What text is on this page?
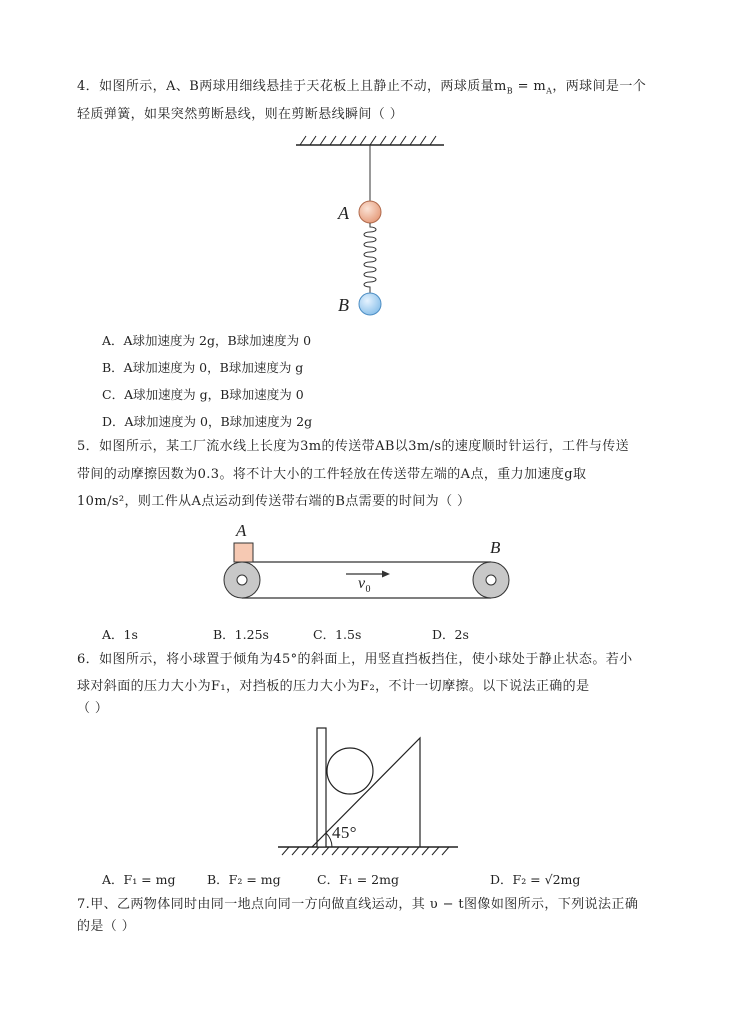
4．如图所示，A、B两球用细线悬挂于天花板上且静止不动，两球质量$m_B = m_A$，两球间是一个
轻质弹簧，如果突然剪断悬线，则在剪断悬线瞬间（ ）
A
B
A．A球加速度为 2g，B球加速度为 0
B．A球加速度为 0，B球加速度为 g
C．A球加速度为 g，B球加速度为 0
D．A球加速度为 0，B球加速度为 2g
5．如图所示，某工厂流水线上长度为3m的传送带AB以3m/s的速度顺时针运行，工件与传送
带间的动摩擦因数为0.3。将不计大小的工件轻放在传送带左端的A点，重力加速度g取
10m/s²，则工件从A点运动到传送带右端的B点需要的时间为（ ）
A
B
$v_0$
A．1s	B．1.25s	C．1.5s	D．2s
6．如图所示，将小球置于倾角为45°的斜面上，用竖直挡板挡住，使小球处于静止状态。若小
球对斜面的压力大小为F₁，对挡板的压力大小为F₂，不计一切摩擦。以下说法正确的是
（ ）
45°
A．F₁ = mg	B．F₂ = mg	C．F₁ = 2mg	D．F₂ = √2mg
7.甲、乙两物体同时由同一地点向同一方向做直线运动，其 υ − t图像如图所示，下列说法正确
的是（ ）
